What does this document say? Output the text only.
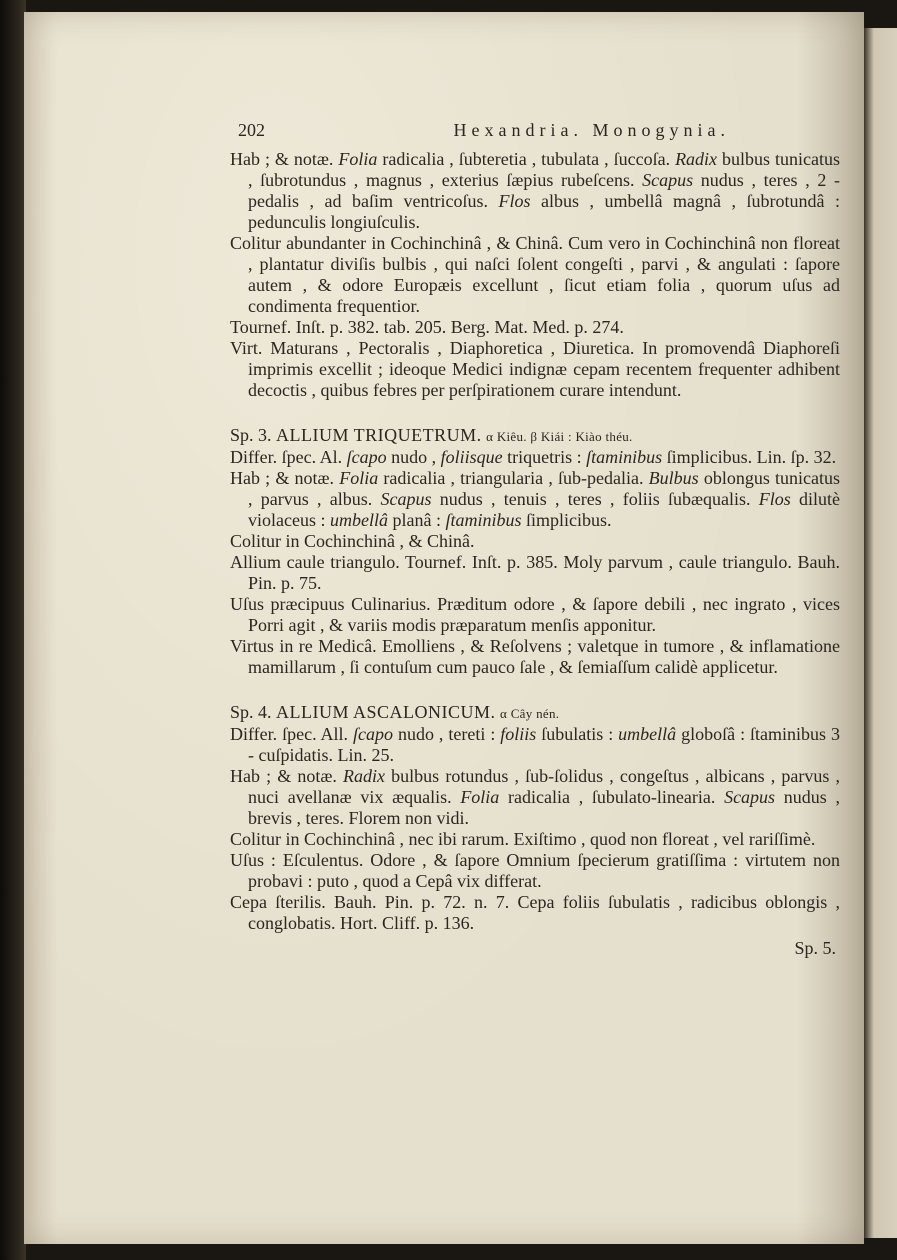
202	Hexandria. Monogynia.

Hab ; & notæ. Folia radicalia , ſubteretia , tubulata , ſuccoſa. Radix bulbus tunicatus , ſubrotundus , magnus , exterius ſæpius rubeſcens. Scapus nudus , teres , 2 - pedalis , ad baſim ventricoſus. Flos albus , umbellâ magnâ , ſubrotundâ : pedunculis longiuſculis.

Colitur abundanter in Cochinchinâ , & Chinâ. Cum vero in Cochinchinâ non floreat , plantatur diviſis bulbis , qui naſci ſolent congeſti , parvi , & angulati : ſapore autem , & odore Europæis excellunt , ſicut etiam folia , quorum uſus ad condimenta frequentior.

Tournef. Inſt. p. 382. tab. 205. Berg. Mat. Med. p. 274.

Virt. Maturans , Pectoralis , Diaphoretica , Diuretica. In promovendâ Diaphoreſi imprimis excellit ; ideoque Medici indignæ cepam recentem frequenter adhibent decoctis , quibus febres per perſpirationem curare intendunt.

Sp. 3. ALLIUM TRIQUETRUM. α Kiêu. β Kiái : Kiào théu.

Differ. ſpec. Al. ſcapo nudo , foliisque triquetris : ſtaminibus ſimplicibus. Lin. ſp. 32.

Hab ; & notæ. Folia radicalia , triangularia , ſub-pedalia. Bulbus oblongus tunicatus , parvus , albus. Scapus nudus , tenuis , teres , foliis ſubæqualis. Flos dilutè violaceus : umbellâ planâ : ſtaminibus ſimplicibus.

Colitur in Cochinchinâ , & Chinâ.

Allium caule triangulo. Tournef. Inſt. p. 385. Moly parvum , caule triangulo. Bauh. Pin. p. 75.

Uſus præcipuus Culinarius. Præditum odore , & ſapore debili , nec ingrato , vices Porri agit , & variis modis præparatum menſis apponitur.

Virtus in re Medicâ. Emolliens , & Reſolvens ; valetque in tumore , & inflamatione mamillarum , ſi contuſum cum pauco ſale , & ſemiaſſum calidè applicetur.

Sp. 4. ALLIUM ASCALONICUM. α Cây nén.

Differ. ſpec. All. ſcapo nudo , tereti : foliis ſubulatis : umbellâ globoſâ : ſtaminibus 3 - cuſpidatis. Lin. 25.

Hab ; & notæ. Radix bulbus rotundus , ſub-ſolidus , congeſtus , albicans , parvus , nuci avellanæ vix æqualis. Folia radicalia , ſubulato-linearia. Scapus nudus , brevis , teres. Florem non vidi.

Colitur in Cochinchinâ , nec ibi rarum. Exiſtimo , quod non floreat , vel rariſſimè.

Uſus : Eſculentus. Odore , & ſapore Omnium ſpecierum gratiſſima : virtutem non probavi : puto , quod a Cepâ vix differat.

Cepa ſterilis. Bauh. Pin. p. 72. n. 7. Cepa foliis ſubulatis , radicibus oblongis , conglobatis. Hort. Cliff. p. 136.

Sp. 5.
